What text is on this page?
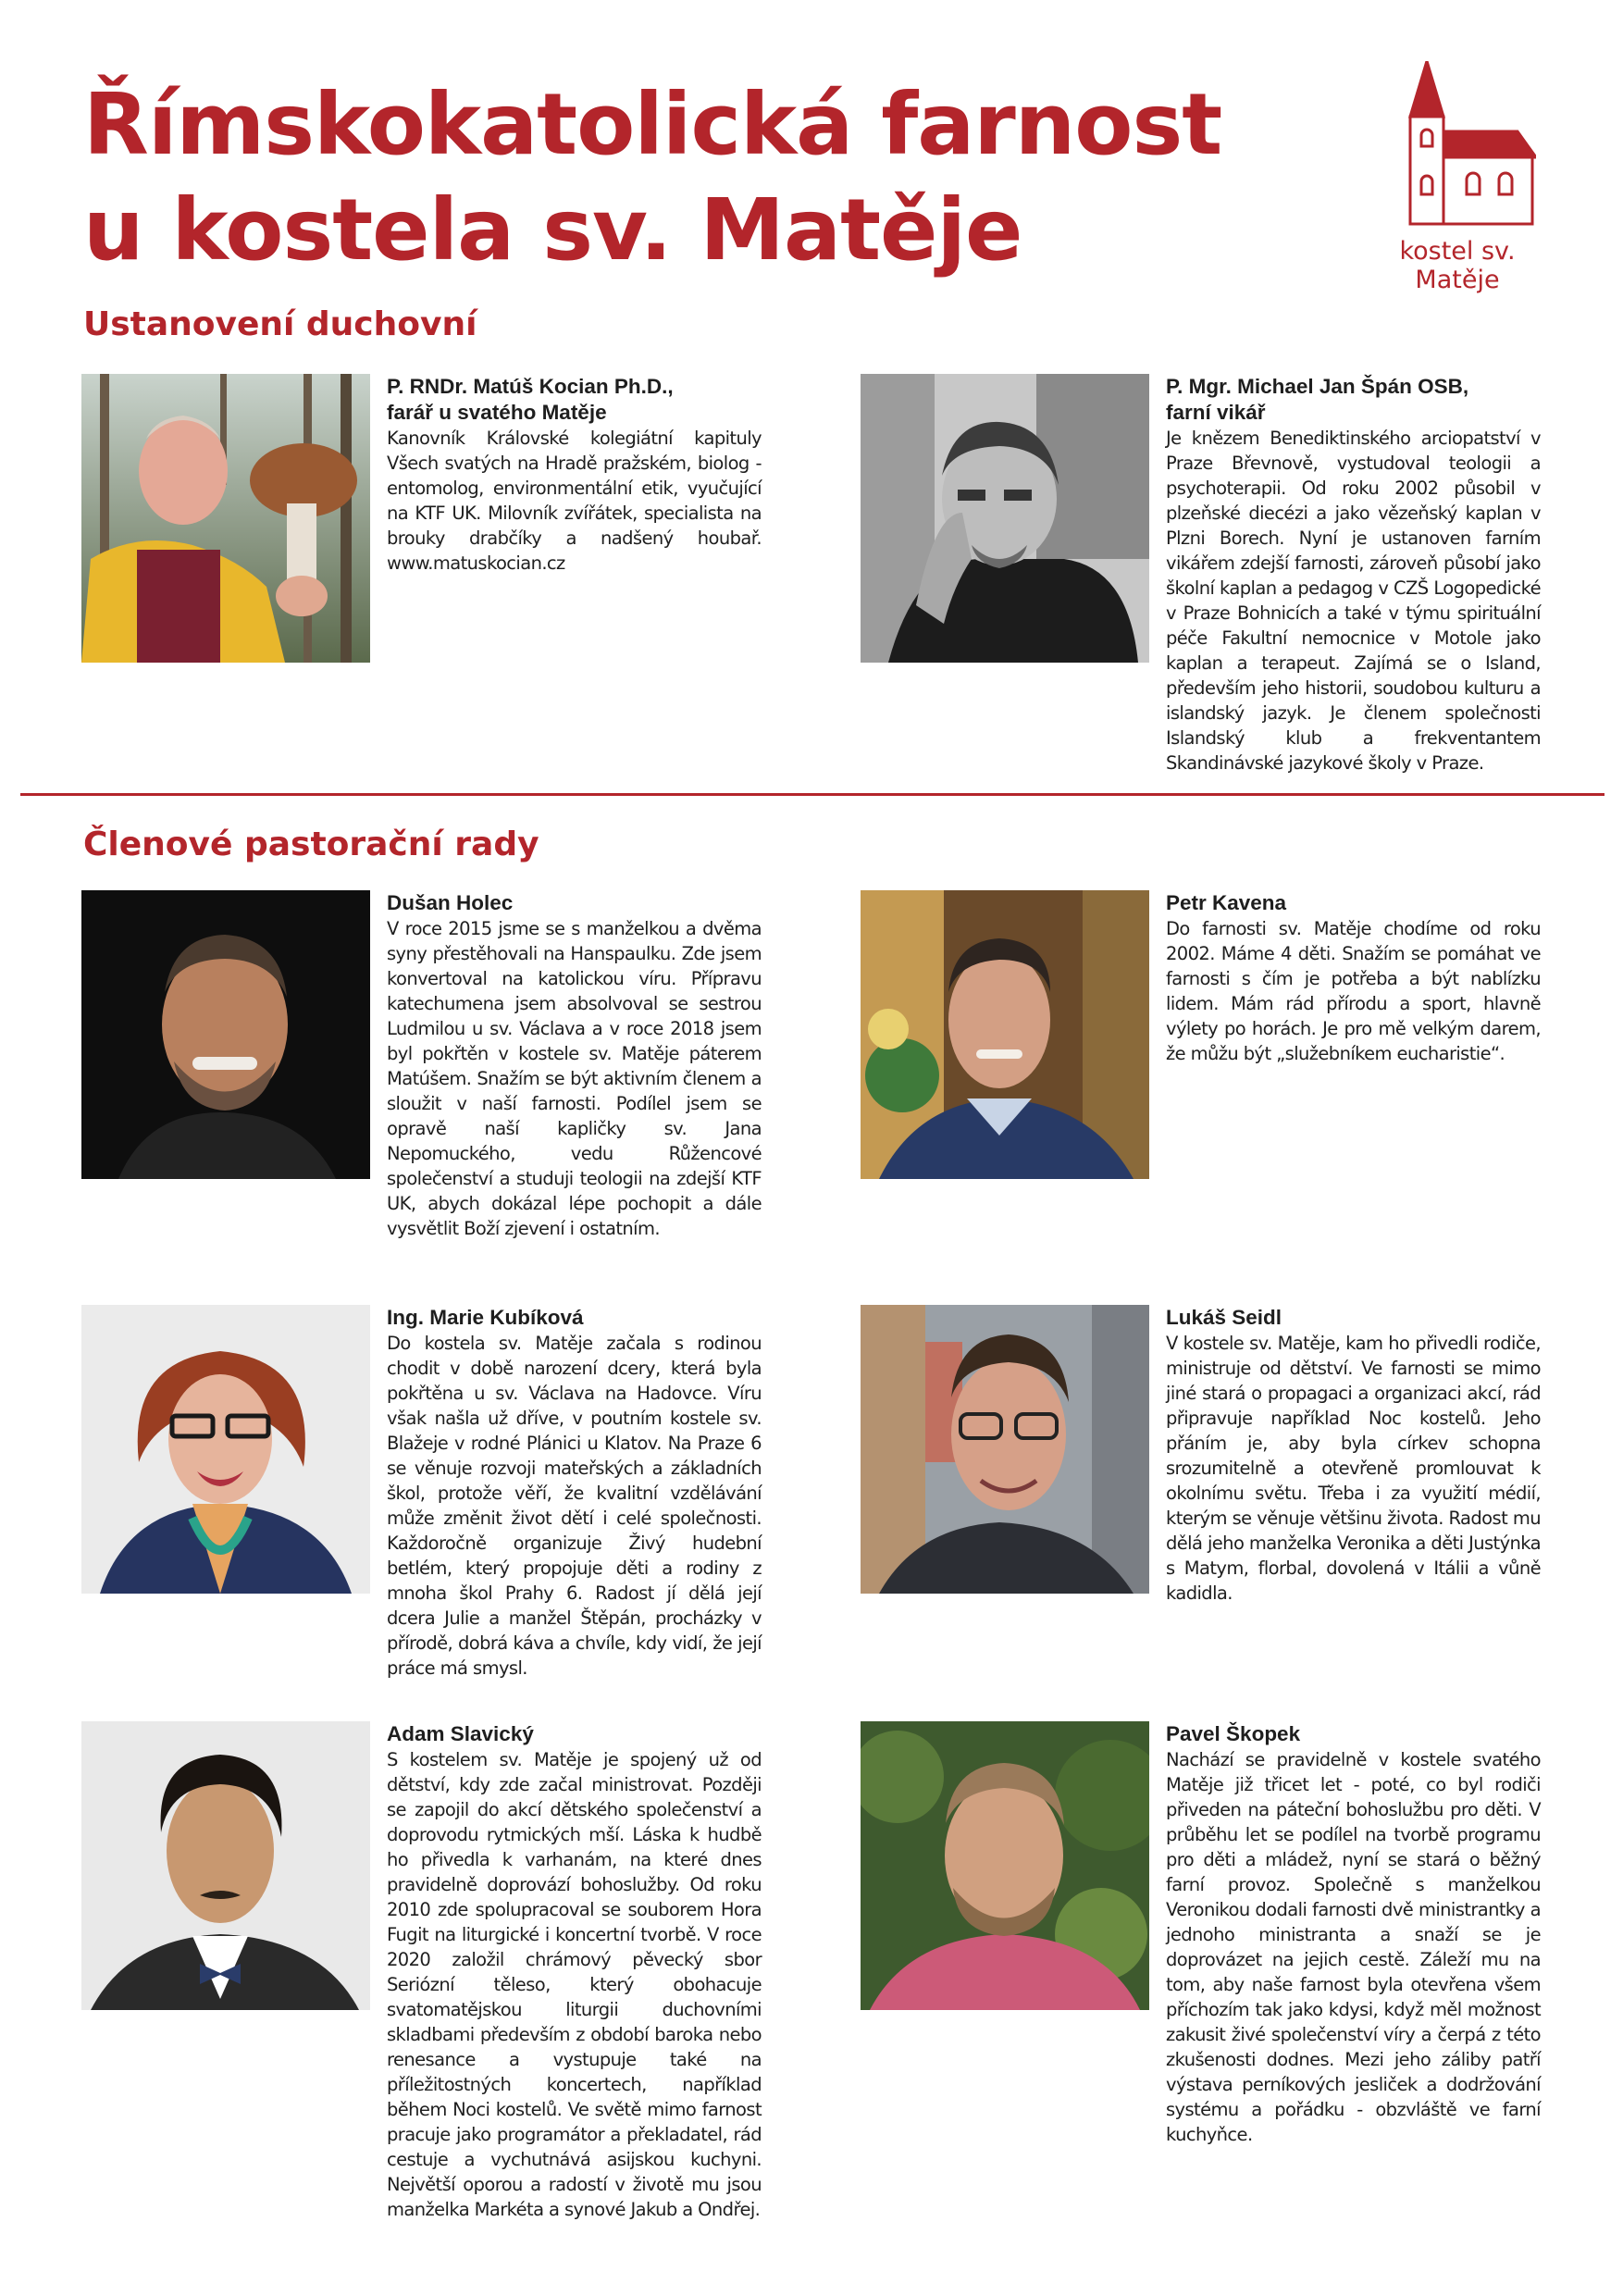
Římskokatolická farnost
u kostela sv. Matěje	kostel sv. Matěje
Ustanovení duchovní

P. RNDr. Matúš Kocian Ph.D.,

farář u svatého Matěje

Kanovník Královské kolegiátní kapituly Všech svatých na Hradě pražském, biolog - entomolog, environmentální etik, vyučující na KTF UK. Milovník zvířátek, specialista na brouky drabčíky a nadšený houbař. www.matuskocian.cz

P. Mgr. Michael Jan Špán OSB,

farní vikář

Je knězem Benediktinského arciopatství v Praze Břevnově, vystudoval teologii a psychoterapii. Od roku 2002 působil v plzeňské diecézi a jako vězeňský kaplan v Plzni Borech. Nyní je ustanoven farním vikářem zdejší farnosti, zároveň působí jako školní kaplan a pedagog v CZŠ Logopedické v Praze Bohnicích a také v týmu spirituální péče Fakultní nemocnice v Motole jako kaplan a terapeut. Zajímá se o Island, především jeho historii, soudobou kulturu a islandský jazyk. Je členem společnosti Islandský klub a frekventantem Skandinávské jazykové školy v Praze.

Členové pastorační rady

Dušan Holec

V roce 2015 jsme se s manželkou a dvěma syny přestěhovali na Hanspaulku. Zde jsem konvertoval na katolickou víru. Přípravu katechumena jsem absolvoval se sestrou Ludmilou u sv. Václava a v roce 2018 jsem byl pokřtěn v kostele sv. Matěje páterem Matúšem. Snažím se být aktivním členem a sloužit v naší farnosti. Podílel jsem se opravě naší kapličky sv. Jana Nepomuckého, vedu Růžencové společenství a studuji teologii na zdejší KTF UK, abych dokázal lépe pochopit a dále vysvětlit Boží zjevení i ostatním.

Petr Kavena

Do farnosti sv. Matěje chodíme od roku 2002. Máme 4 děti. Snažím se pomáhat ve farnosti s čím je potřeba a být nablízku lidem. Mám rád přírodu a sport, hlavně výlety po horách. Je pro mě velkým darem, že můžu být „služebníkem eucharistie“.

Ing. Marie Kubíková

Do kostela sv. Matěje začala s rodinou chodit v době narození dcery, která byla pokřtěna u sv. Václava na Hadovce. Víru však našla už dříve, v poutním kostele sv. Blažeje v rodné Plánici u Klatov. Na Praze 6 se věnuje rozvoji mateřských a základních škol, protože věří, že kvalitní vzdělávání může změnit život dětí i celé společnosti. Každoročně organizuje Živý hudební betlém, který propojuje děti a rodiny z mnoha škol Prahy 6. Radost jí dělá její dcera Julie a manžel Štěpán, procházky v přírodě, dobrá káva a chvíle, kdy vidí, že její práce má smysl.

Lukáš Seidl

V kostele sv. Matěje, kam ho přivedli rodiče, ministruje od dětství. Ve farnosti se mimo jiné stará o propagaci a organizaci akcí, rád připravuje například Noc kostelů. Jeho přáním je, aby byla církev schopna srozumitelně a otevřeně promlouvat k okolnímu světu. Třeba i za využití médií, kterým se věnuje většinu života. Radost mu dělá jeho manželka Veronika a děti Justýnka s Matym, florbal, dovolená v Itálii a vůně kadidla.

Adam Slavický

S kostelem sv. Matěje je spojený už od dětství, kdy zde začal ministrovat. Později se zapojil do akcí dětského společenství a doprovodu rytmických mší. Láska k hudbě ho přivedla k varhanám, na které dnes pravidelně doprovází bohoslužby. Od roku 2010 zde spolupracoval se souborem Hora Fugit na liturgické i koncertní tvorbě. V roce 2020 založil chrámový pěvecký sbor Seriózní těleso, který obohacuje svatomatějskou liturgii duchovními skladbami především z období baroka nebo renesance a vystupuje také na příležitostných koncertech, například během Noci kostelů. Ve světě mimo farnost pracuje jako programátor a překladatel, rád cestuje a vychutnává asijskou kuchyni. Největší oporou a radostí v životě mu jsou manželka Markéta a synové Jakub a Ondřej.

Pavel Škopek

Nachází se pravidelně v kostele svatého Matěje již třicet let - poté, co byl rodiči přiveden na páteční bohoslužbu pro děti. V průběhu let se podílel na tvorbě programu pro děti a mládež, nyní se stará o běžný farní provoz. Společně s manželkou Veronikou dodali farnosti dvě ministrantky a jednoho ministranta a snaží se je doprovázet na jejich cestě. Záleží mu na tom, aby naše farnost byla otevřena všem příchozím tak jako kdysi, když měl možnost zakusit živé společenství víry a čerpá z této zkušenosti dodnes. Mezi jeho záliby patří výstava perníkových jesliček a dodržování systému a pořádku - obzvláště ve farní kuchyňce.
